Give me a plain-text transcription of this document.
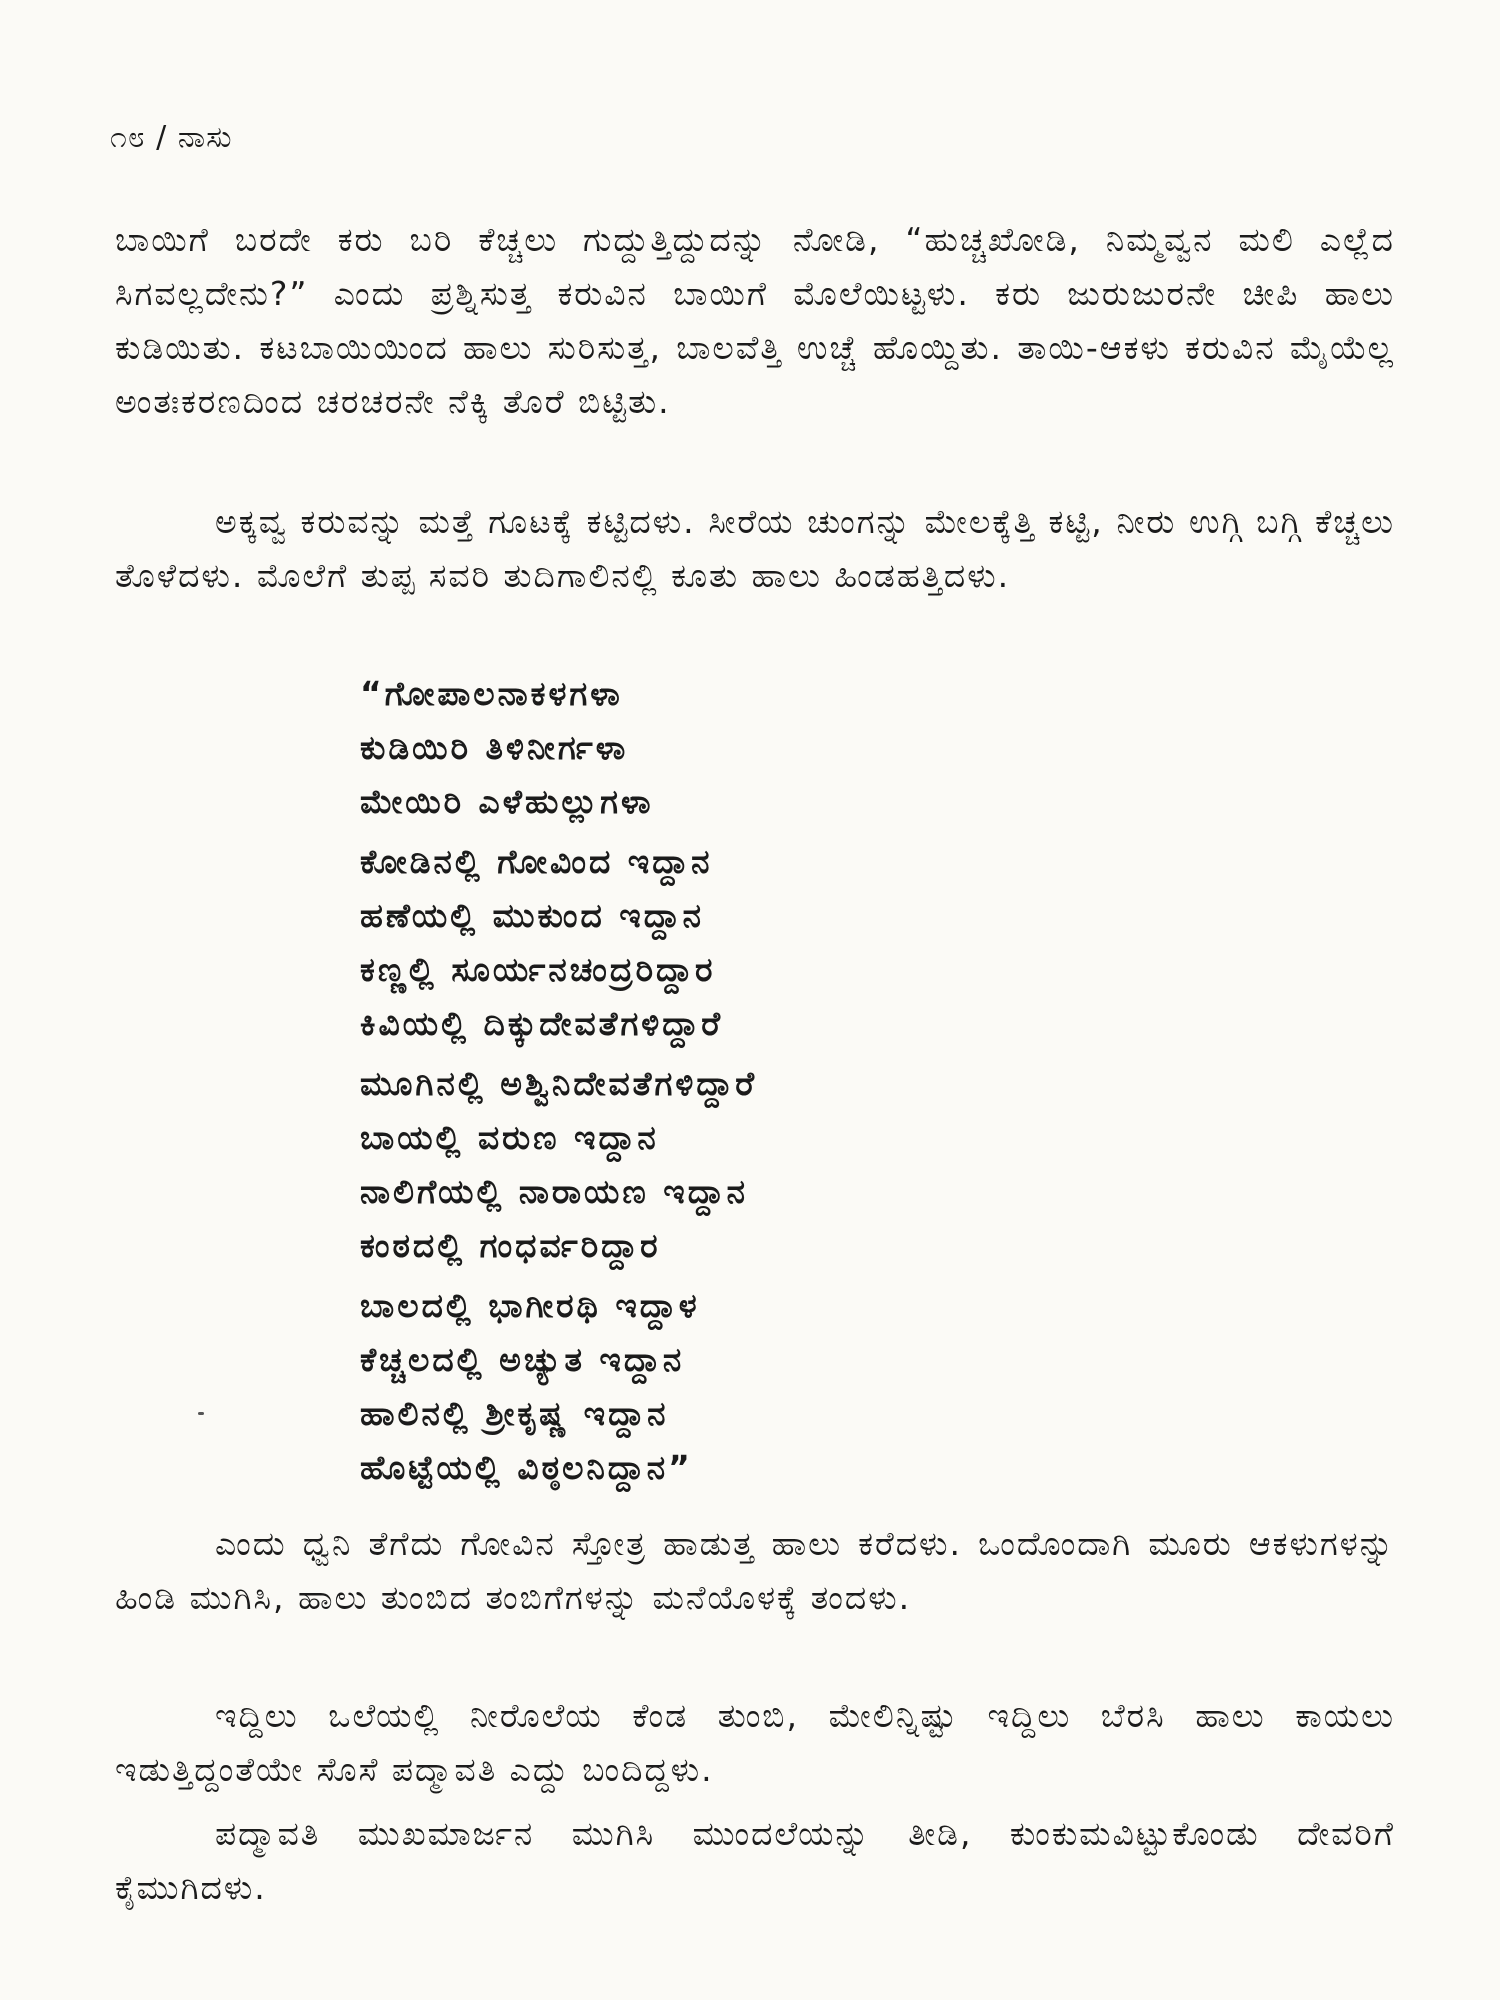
೧೮ / ನಾಸು

ಬಾಯಿಗೆ ಬರದೇ ಕರು ಬರಿ ಕೆಚ್ಚಲು ಗುದ್ದುತ್ತಿದ್ದುದನ್ನು ನೋಡಿ, “ಹುಚ್ಚಖೋಡಿ, ನಿಮ್ಮವ್ವನ ಮಲಿ ಎಲ್ಲೆದ ಸಿಗವಲ್ಲದೇನು?” ಎಂದು ಪ್ರಶ್ನಿಸುತ್ತ ಕರುವಿನ ಬಾಯಿಗೆ ಮೊಲೆಯಿಟ್ಟಳು. ಕರು ಜುರುಜುರನೇ ಚೀಪಿ ಹಾಲು ಕುಡಿಯಿತು. ಕಟಬಾಯಿಯಿಂದ ಹಾಲು ಸುರಿಸುತ್ತ, ಬಾಲವೆತ್ತಿ ಉಚ್ಚೆ ಹೊಯ್ದಿತು. ತಾಯಿ-ಆಕಳು ಕರುವಿನ ಮೈಯೆಲ್ಲ ಅಂತಃಕರಣದಿಂದ ಚರಚರನೇ ನೆಕ್ಕಿ ತೊರೆ ಬಿಟ್ಟಿತು.

ಅಕ್ಕವ್ವ ಕರುವನ್ನು ಮತ್ತೆ ಗೂಟಕ್ಕೆ ಕಟ್ಟಿದಳು. ಸೀರೆಯ ಚುಂಗನ್ನು ಮೇಲಕ್ಕೆತ್ತಿ ಕಟ್ಟಿ, ನೀರು ಉಗ್ಗಿ ಬಗ್ಗಿ ಕೆಚ್ಚಲು ತೊಳೆದಳು. ಮೊಲೆಗೆ ತುಪ್ಪ ಸವರಿ ತುದಿಗಾಲಿನಲ್ಲಿ ಕೂತು ಹಾಲು ಹಿಂಡಹತ್ತಿದಳು.

“ಗೋಪಾಲನಾಕಳಗಳಾ
ಕುಡಿಯಿರಿ ತಿಳಿನೀರ್ಗಳಾ
ಮೇಯಿರಿ ಎಳೆಹುಲ್ಲುಗಳಾ
ಕೋಡಿನಲ್ಲಿ ಗೋವಿಂದ ಇದ್ದಾನ
ಹಣೆಯಲ್ಲಿ ಮುಕುಂದ ಇದ್ದಾನ
ಕಣ್ಣಲ್ಲಿ ಸೂರ್ಯನಚಂದ್ರರಿದ್ದಾರ
ಕಿವಿಯಲ್ಲಿ ದಿಕ್ಕುದೇವತೆಗಳಿದ್ದಾರೆ
ಮೂಗಿನಲ್ಲಿ ಅಶ್ವಿನಿದೇವತೆಗಳಿದ್ದಾರೆ
ಬಾಯಲ್ಲಿ ವರುಣ ಇದ್ದಾನ
ನಾಲಿಗೆಯಲ್ಲಿ ನಾರಾಯಣ ಇದ್ದಾನ
ಕಂಠದಲ್ಲಿ ಗಂಧರ್ವರಿದ್ದಾರ
ಬಾಲದಲ್ಲಿ ಭಾಗೀರಥಿ ಇದ್ದಾಳ
ಕೆಚ್ಚಲದಲ್ಲಿ ಅಚ್ಯುತ ಇದ್ದಾನ
ಹಾಲಿನಲ್ಲಿ ಶ್ರೀಕೃಷ್ಣ ಇದ್ದಾನ
ಹೊಟ್ಟೆಯಲ್ಲಿ ವಿಠ್ಠಲನಿದ್ದಾನ”

ಎಂದು ಧ್ವನಿ ತೆಗೆದು ಗೋವಿನ ಸ್ತೋತ್ರ ಹಾಡುತ್ತ ಹಾಲು ಕರೆದಳು. ಒಂದೊಂದಾಗಿ ಮೂರು ಆಕಳುಗಳನ್ನು ಹಿಂಡಿ ಮುಗಿಸಿ, ಹಾಲು ತುಂಬಿದ ತಂಬಿಗೆಗಳನ್ನು ಮನೆಯೊಳಕ್ಕೆ ತಂದಳು.

ಇದ್ದಿಲು ಒಲೆಯಲ್ಲಿ ನೀರೊಲೆಯ ಕೆಂಡ ತುಂಬಿ, ಮೇಲಿನ್ನಿಷ್ಟು ಇದ್ದಿಲು ಬೆರಸಿ ಹಾಲು ಕಾಯಲು ಇಡುತ್ತಿದ್ದಂತೆಯೇ ಸೊಸೆ ಪದ್ಮಾವತಿ ಎದ್ದು ಬಂದಿದ್ದಳು.

ಪದ್ಮಾವತಿ ಮುಖಮಾರ್ಜನ ಮುಗಿಸಿ ಮುಂದಲೆಯನ್ನು ತೀಡಿ, ಕುಂಕುಮವಿಟ್ಟುಕೊಂಡು ದೇವರಿಗೆ ಕೈಮುಗಿದಳು.
